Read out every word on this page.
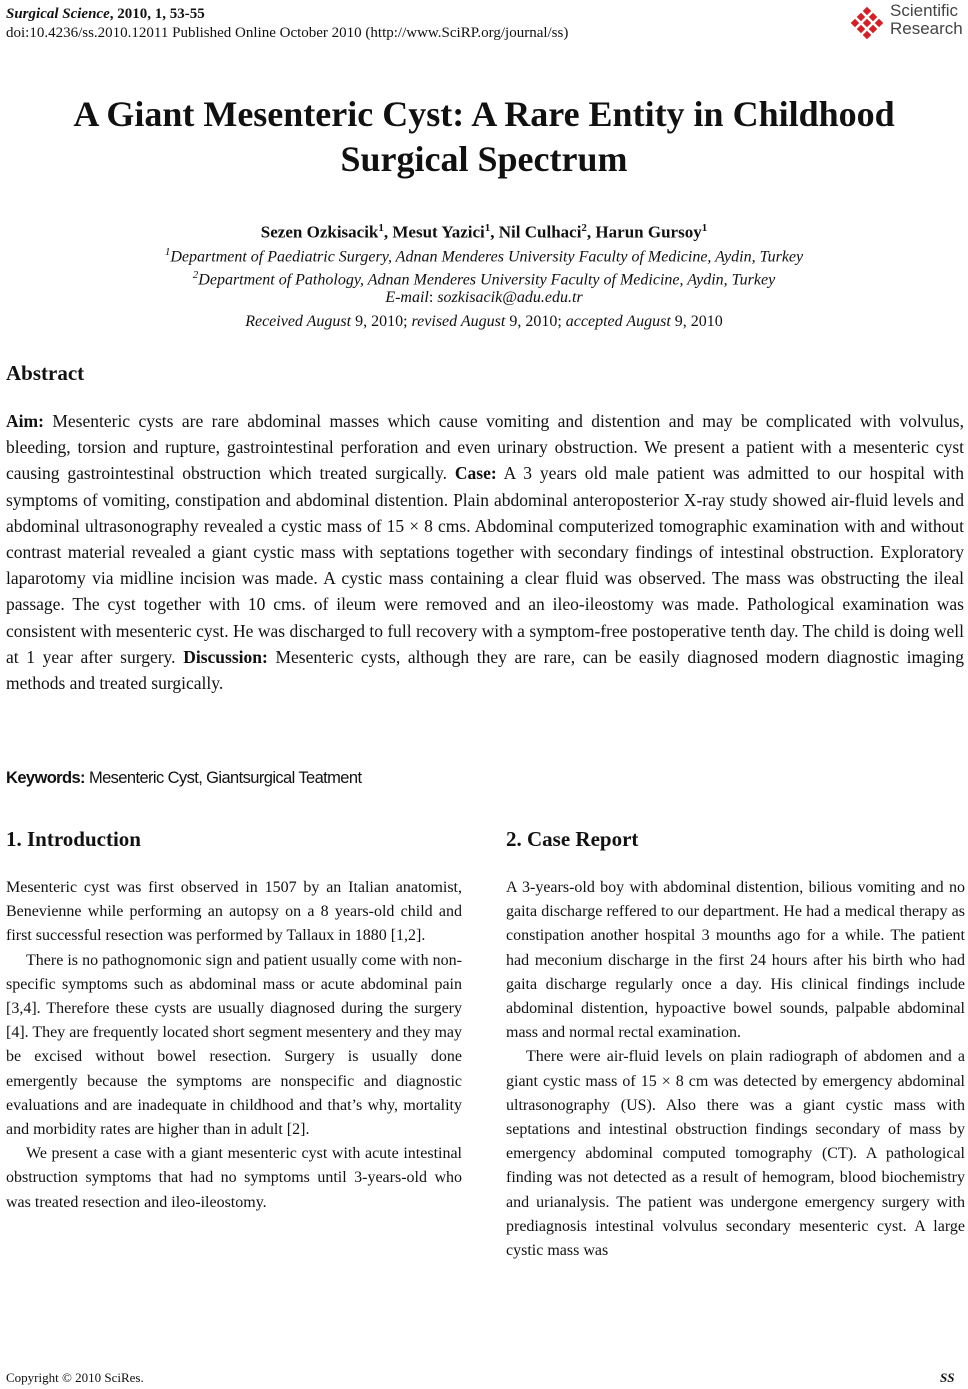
Surgical Science, 2010, 1, 53-55
doi:10.4236/ss.2010.12011 Published Online October 2010 (http://www.SciRP.org/journal/ss)
Scientific
Research
A Giant Mesenteric Cyst: A Rare Entity in Childhood
Surgical Spectrum
Sezen Ozkisacik$^1$, Mesut Yazici$^1$, Nil Culhaci$^2$, Harun Gursoy$^1$
$^1$Department of Paediatric Surgery, Adnan Menderes University Faculty of Medicine, Aydin, Turkey
$^2$Department of Pathology, Adnan Menderes University Faculty of Medicine, Aydin, Turkey
E-mail: sozkisacik@adu.edu.tr
Received August 9, 2010; revised August 9, 2010; accepted August 9, 2010
Abstract
Aim: Mesenteric cysts are rare abdominal masses which cause vomiting and distention and may be complicated with volvulus, bleeding, torsion and rupture, gastrointestinal perforation and even urinary obstruction. We present a patient with a mesenteric cyst causing gastrointestinal obstruction which treated surgically. Case: A 3 years old male patient was admitted to our hospital with symptoms of vomiting, constipation and abdominal distention. Plain abdominal anteroposterior X-ray study showed air-fluid levels and abdominal ultrasonography revealed a cystic mass of 15 × 8 cms. Abdominal computerized tomographic examination with and without contrast material revealed a giant cystic mass with septations together with secondary findings of intestinal obstruction. Exploratory laparotomy via midline incision was made. A cystic mass containing a clear fluid was observed. The mass was obstructing the ileal passage. The cyst together with 10 cms. of ileum were removed and an ileo-ileostomy was made. Pathological examination was consistent with mesenteric cyst. He was discharged to full recovery with a symptom-free postoperative tenth day. The child is doing well at 1 year after surgery. Discussion: Mesenteric cysts, although they are rare, can be easily diagnosed modern diagnostic imaging methods and treated surgically.
Keywords: Mesenteric Cyst, Giantsurgical Teatment
1. Introduction

Mesenteric cyst was first observed in 1507 by an Italian anatomist, Benevienne while performing an autopsy on a 8 years-old child and first successful resection was performed by Tallaux in 1880 [1,2].

There is no pathognomonic sign and patient usually come with non-specific symptoms such as abdominal mass or acute abdominal pain [3,4]. Therefore these cysts are usually diagnosed during the surgery [4]. They are frequently located short segment mesentery and they may be excised without bowel resection. Surgery is usually done emergently because the symptoms are nonspecific and diagnostic evaluations and are inadequate in childhood and that’s why, mortality and morbidity rates are higher than in adult [2].

We present a case with a giant mesenteric cyst with acute intestinal obstruction symptoms that had no symptoms until 3-years-old who was treated resection and ileo-ileostomy.

2. Case Report

A 3-years-old boy with abdominal distention, bilious vomiting and no gaita discharge reffered to our department. He had a medical therapy as constipation another hospital 3 mounths ago for a while. The patient had meconium discharge in the first 24 hours after his birth who had gaita discharge regularly once a day. His clinical findings include abdominal distention, hypoactive bowel sounds, palpable abdominal mass and normal rectal examination.

There were air-fluid levels on plain radiograph of abdomen and a giant cystic mass of 15 × 8 cm was detected by emergency abdominal ultrasonography (US). Also there was a giant cystic mass with septations and intestinal obstruction findings secondary of mass by emergency abdominal computed tomography (CT). A pathological finding was not detected as a result of hemogram, blood biochemistry and urianalysis. The patient was undergone emergency surgery with prediagnosis intestinal volvulus secondary mesenteric cyst. A large cystic mass was

Copyright © 2010 SciRes.	SS
